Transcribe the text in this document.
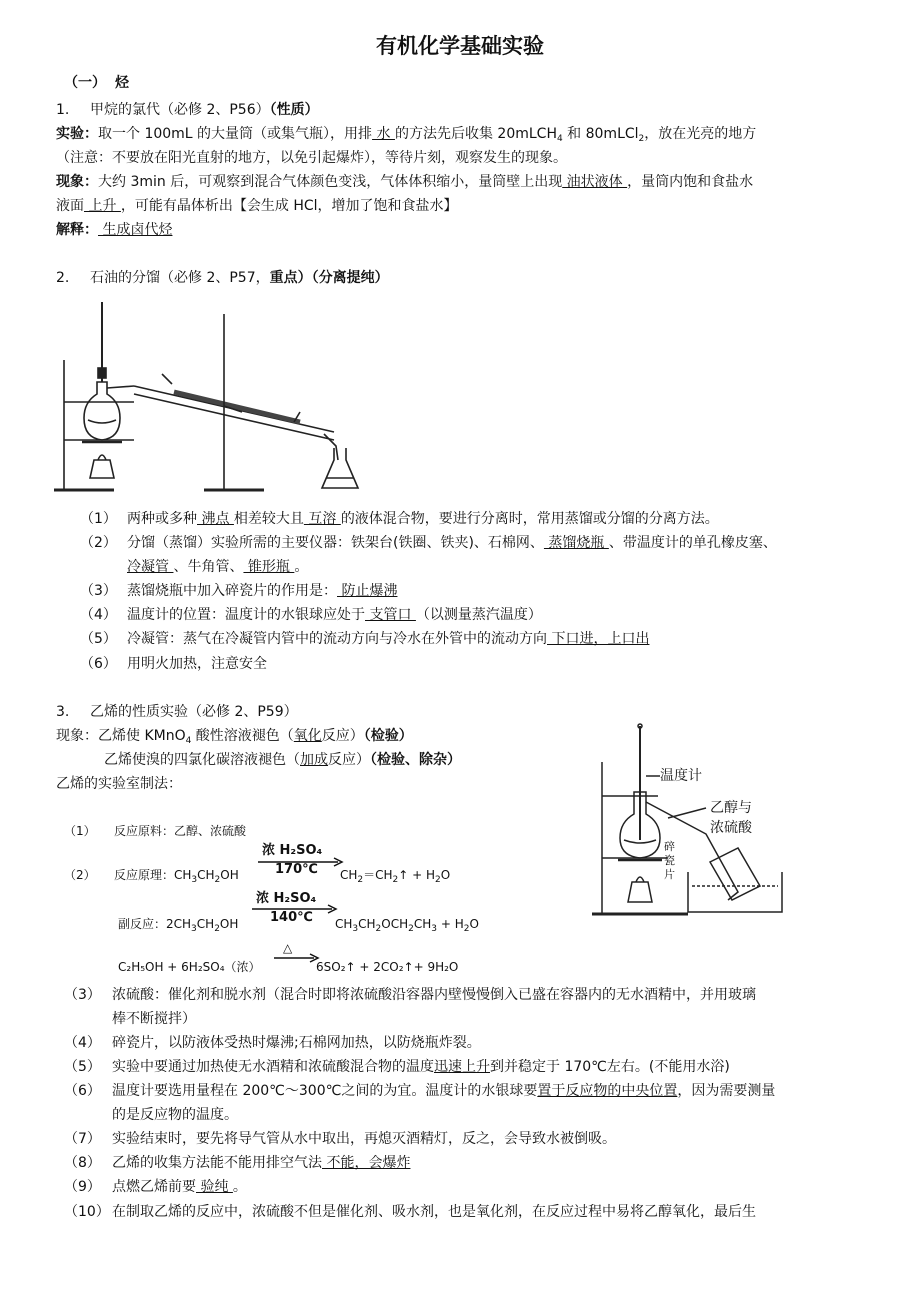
有机化学基础实验
（一） 烃
1. 甲烷的氯代（必修 2、P56）（性质）
实验：取一个 100mL 的大量筒（或集气瓶），用排 水 的方法先后收集 20mLCH$_4$ 和 80mLCl$_2$，放在光亮的地方
（注意：不要放在阳光直射的地方，以免引起爆炸），等待片刻，观察发生的现象。
现象：大约 3min 后，可观察到混合气体颜色变浅，气体体积缩小，量筒壁上出现 油状液体 ，量筒内饱和食盐水
液面 上升 ，可能有晶体析出【会生成 HCl，增加了饱和食盐水】
解释： 生成卤代烃
2. 石油的分馏（必修 2、P57，重点）（分离提纯）
（1） 两种或多种 沸点 相差较大且 互溶 的液体混合物，要进行分离时，常用蒸馏或分馏的分离方法。
（2） 分馏（蒸馏）实验所需的主要仪器：铁架台(铁圈、铁夹)、石棉网、 蒸馏烧瓶 、带温度计的单孔橡皮塞、
冷凝管 、牛角管、 锥形瓶 。
（3） 蒸馏烧瓶中加入碎瓷片的作用是： 防止爆沸
（4） 温度计的位置：温度计的水银球应处于 支管口 （以测量蒸汽温度）
（5） 冷凝管：蒸气在冷凝管内管中的流动方向与冷水在外管中的流动方向 下口进，上口出
（6） 用明火加热，注意安全
3. 乙烯的性质实验（必修 2、P59）
现象：乙烯使 KMnO$_4$ 酸性溶液褪色（氧化反应）（检验）
乙烯使溴的四氯化碳溶液褪色（加成反应）（检验、除杂）
乙烯的实验室制法：
温度计
乙醇与
浓硫酸
碎
瓷
片
（1） 反应原料：乙醇、浓硫酸
浓 H₂SO₄
170℃
（2） 反应原理：$CH_3CH_2OH$	$CH_2=CH_2↑ + H_2O$
浓 H₂SO₄
140℃
副反应：$2CH_3CH_2OH$	$CH_3CH_2OCH_2CH_3 + H_2O$
△
C₂H₅OH + 6H₂SO₄（浓）	6SO₂↑ + 2CO₂↑+ 9H₂O
（3） 浓硫酸：催化剂和脱水剂（混合时即将浓硫酸沿容器内壁慢慢倒入已盛在容器内的无水酒精中，并用玻璃
棒不断搅拌）
（4） 碎瓷片，以防液体受热时爆沸;石棉网加热，以防烧瓶炸裂。
（5） 实验中要通过加热使无水酒精和浓硫酸混合物的温度迅速上升到并稳定于 170℃左右。(不能用水浴)
（6） 温度计要选用量程在 200℃～300℃之间的为宜。温度计的水银球要置于反应物的中央位置，因为需要测量
的是反应物的温度。
（7） 实验结束时，要先将导气管从水中取出，再熄灭酒精灯，反之，会导致水被倒吸。
（8） 乙烯的收集方法能不能用排空气法 不能，会爆炸
（9） 点燃乙烯前要 验纯 。
（10） 在制取乙烯的反应中，浓硫酸不但是催化剂、吸水剂，也是氧化剂，在反应过程中易将乙醇氧化，最后生
